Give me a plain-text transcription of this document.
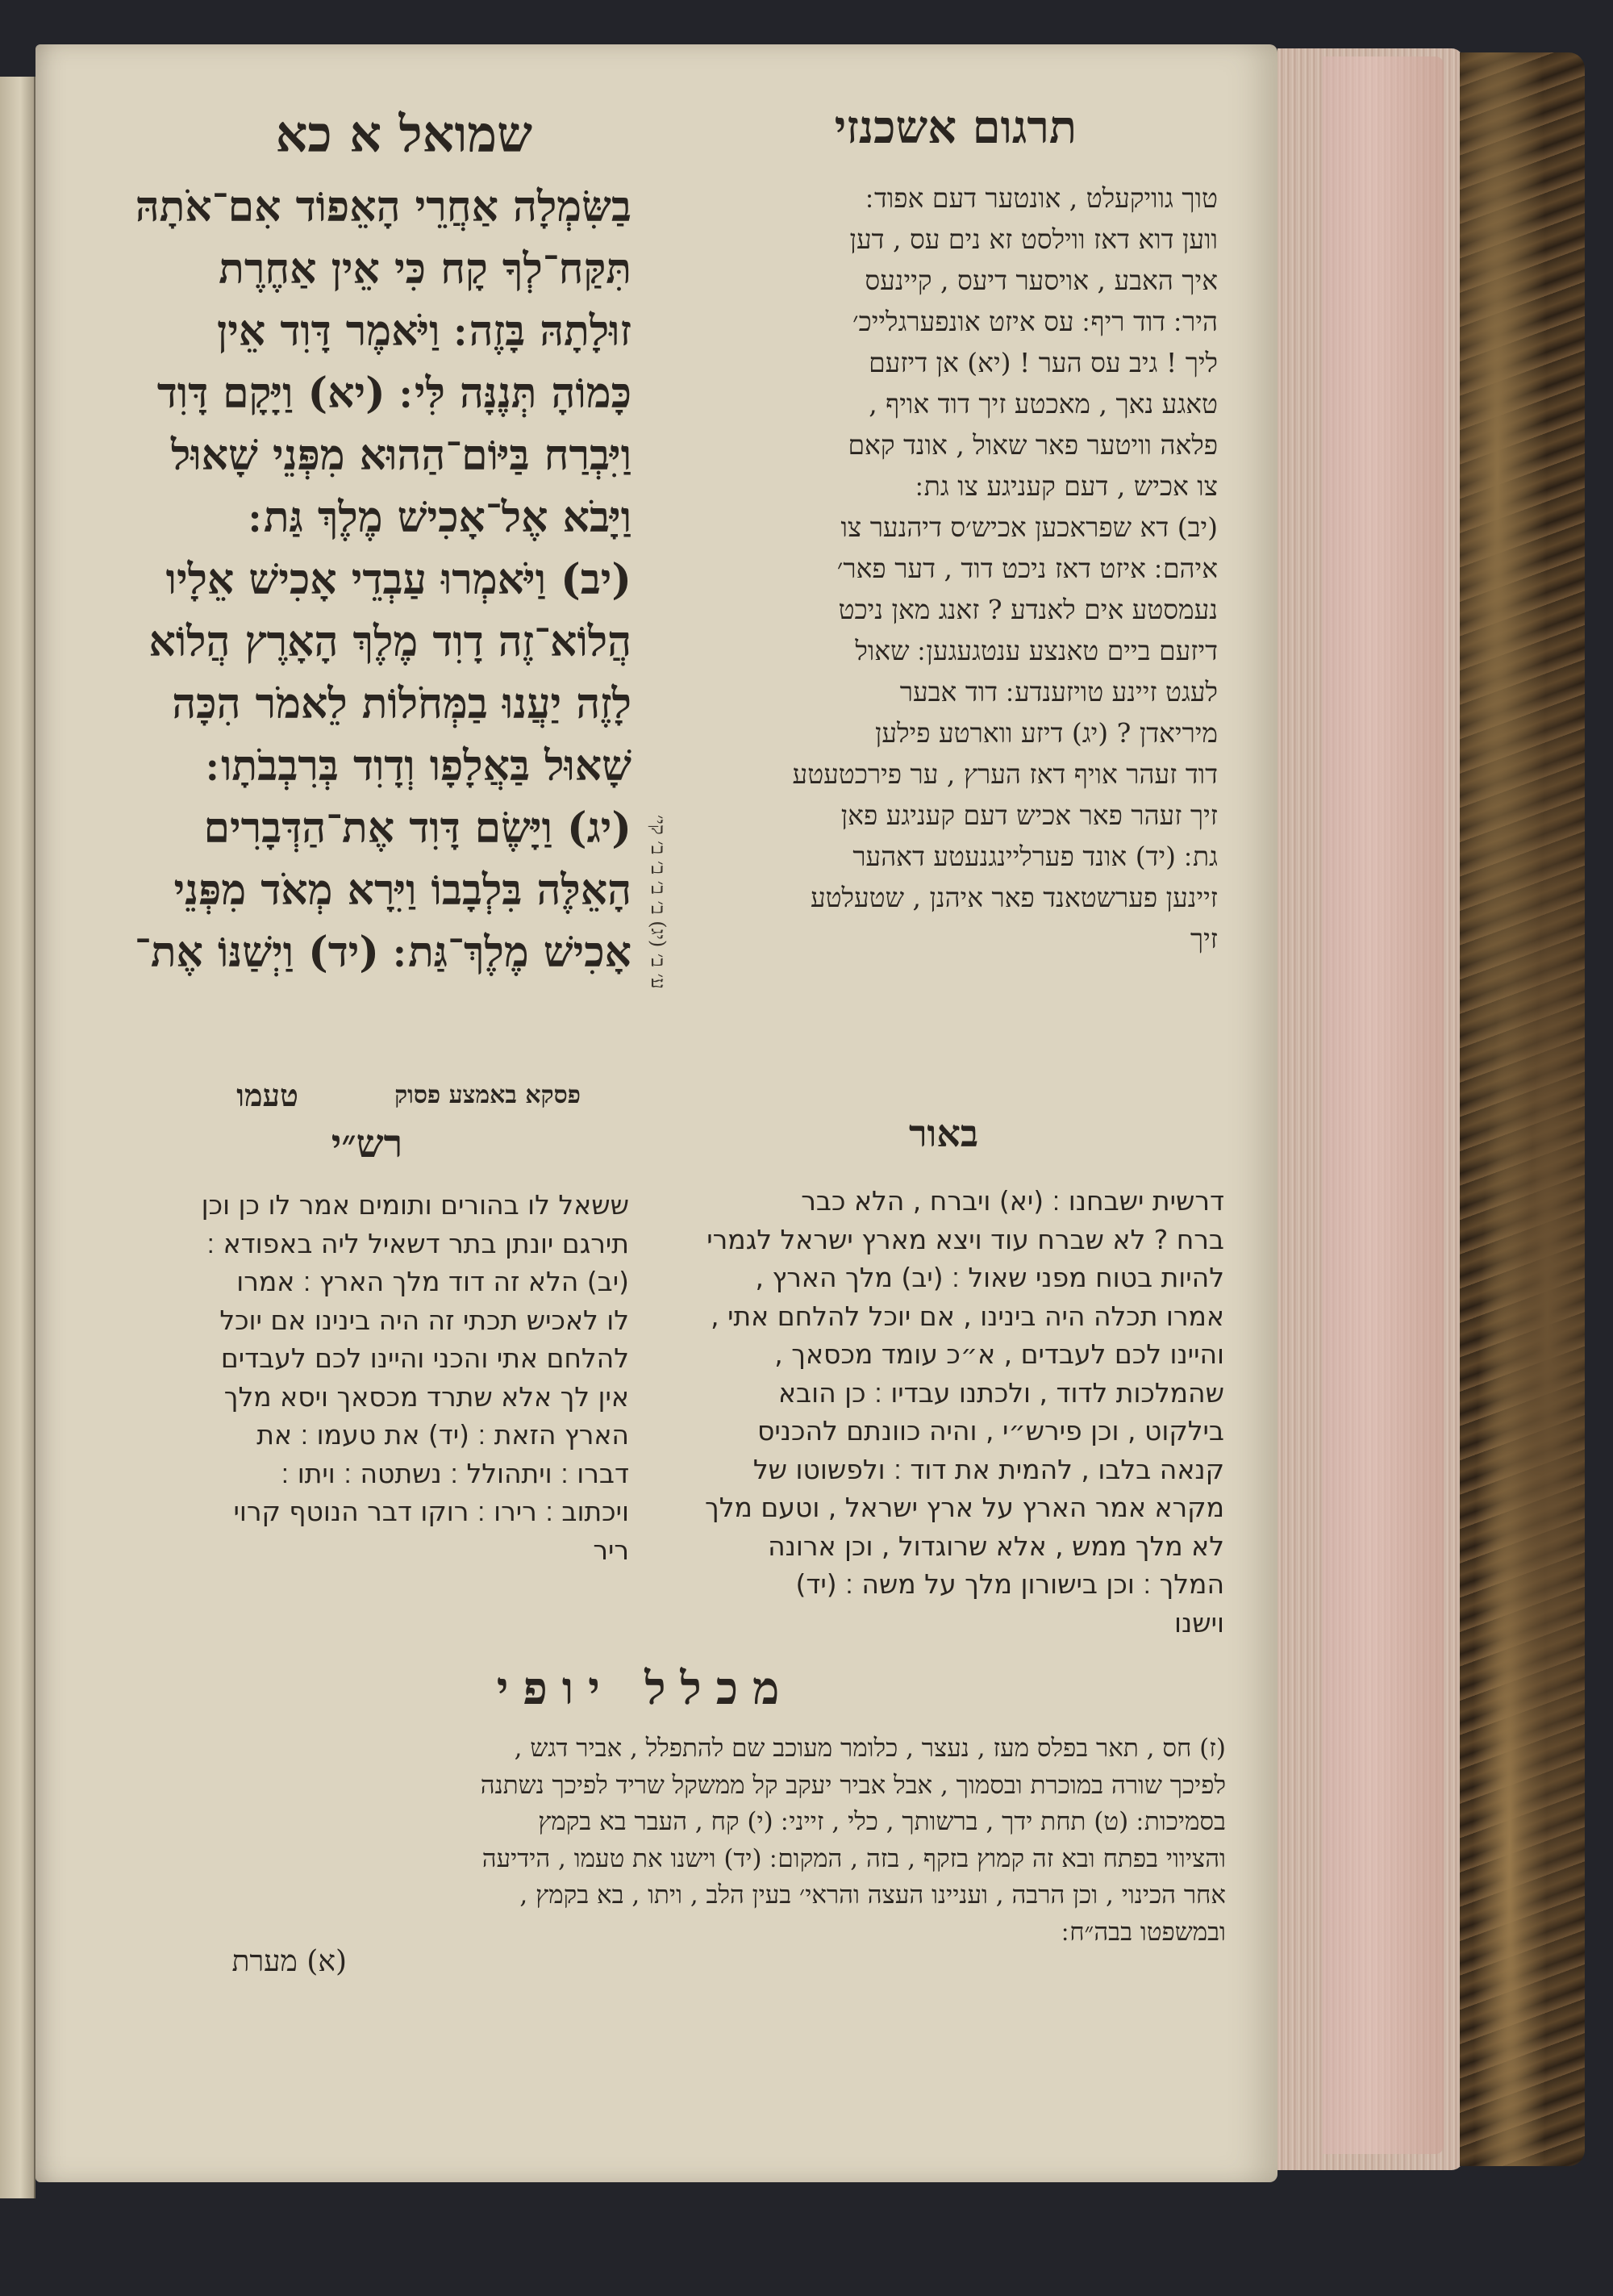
תרגום אשכנזי
שמואל א כא
בַשִּׂמְלָה אַחֲרֵי הָאֵפוֹד אִם־אֹתָהּ
תִּקַּח־לְךָ קָח כִּי אֵין אַחֶרֶת
זוּלָתָהּ בָּזֶה ׃ וַיֹּאמֶר דָּוִד אֵין
כָּמוֹהָ תְּנֶנָּה לִּי ׃ (יא) וַיָּקָם דָּוִד
וַיִּבְרַח בַּיּוֹם־הַהוּא מִפְּנֵי שָׁאוּל
וַיָּבֹא אֶל־אָכִישׁ מֶלֶךְ גַּת ׃
(יב) וַיֹּאמְרוּ עַבְדֵי אָכִישׁ אֵלָיו
הֲלוֹא־זֶה דָוִד מֶלֶךְ הָאָרֶץ הֲלוֹא
לָזֶה יַעֲנוּ בַמְּחֹלוֹת לֵאמֹר הִכָּה
שָׁאוּל בַּאֲלָפָו וְדָוִד בְּרִבְבֹתָו ׃
(יג) וַיָּשֶׂם דָּוִד אֶת־הַדְּבָרִים
הָאֵלֶּה בִּלְבָבוֹ וַיִּרָא מְאֹד מִפְּנֵי
אָכִישׁ מֶלֶךְ־גַּת ׃ (יד) וַיְשַׁנּוֹ אֶת־
פסקא באמצע פסוק
טעמו
ע׳ ב׳ (יג) ב׳ ב׳ ב׳ ב׳ קי׳
טוך גוויקעלט , אונטער דעם אפוד ׃
ווען דוא דאז ווילסט זא נים עס , דען
איך האבע , אויסער דיעס , קיינעס
היר ׃ דוד ריף ׃ עס איזט אונפערגלייכ׳
ליך ! גיב עס הער ! (יא) אן דיזעם
טאגע נאך , מאכטע זיך דוד אויף ,
פלאה וויטער פאר שאול , אונד קאם
צו אכיש , דעם קעניגע צו גת ׃
(יב) דא שפראכען אכיש׳ס דיהנער צו
איהם ׃ איזט דאז ניכט דוד , דער פאר׳
נעמסטע אים לאנדע ? זאנג מאן ניכט
דיזעם ביים טאנצע ענטגעגען ׃ שאול
לעגט זיינע טויזענדע ׃ דוד אבער
מיריאדן ? (יג) דיזע ווארטע פילען
דוד זעהר אויף דאז הערץ , ער פירכטעטע
זיך זעהר פאר אכיש דעם קעניגע פאן
גת ׃ (יד) אונד פערליינגנעטע דאהער
זיינען פערשטאנד פאר איהנן , שטעלטע
זיך
באור
רש״י
ששאל לו בהורים ותומים אמר לו כן וכן
תירגם יונתן בתר דשאיל ליה באפודא ׃
(יב) הלא זה דוד מלך הארץ ׃ אמרו
לו לאכיש תכתי זה היה בינינו אם יוכל
להלחם אתי והכני והיינו לכם לעבדים
אין לך אלא שתרד מכסאך ויסא מלך
הארץ הזאת ׃ (יד) את טעמו ׃ את
דברו ׃ ויתהולל ׃ נשתטה ׃ ויתו ׃
ויכתוב ׃ רירו ׃ רוקו דבר הנוטף קרוי
ריר
דרשית ישבחנו ׃ (יא) ויברח , הלא כבר
ברח ? לא שברח עוד ויצא מארץ ישראל לגמרי
להיות בטוח מפני שאול ׃ (יב) מלך הארץ ,
אמרו תכלה היה בינינו , אם יוכל להלחם אתי ,
והיינו לכם לעבדים , א״כ עומד מכסאך ,
שהמלכות לדוד , ולכתנו עבדיו ׃ כן הובא
בילקוט , וכן פירש״י , והיה כוונתם להכניס
קנאה בלבו , להמית את דוד ׃ ולפשוטו של
מקרא אמר הארץ על ארץ ישראל , וטעם מלך
לא מלך ממש , אלא שרוגדול , וכן ארונה
המלך ׃ וכן בישורון מלך על משה ׃ (יד)
וישנו
מכלל יופי
(ז) חס , תאר בפלס מעז , נעצר , כלומר מעוכב שם להתפלל , אביר דגש ,
לפיכך שורה במוכרת ובסמוך , אבל אביר יעקב קל ממשקל שריד לפיכך נשתנה
בסמיכות ׃ (ט) תחת ידך , ברשותך , כלי , זייני ׃ (י) קח , העבר בא בקמץ
והציווי בפתח ובא זה קמוץ בזקף , בזה , המקום ׃ (יד) וישנו את טעמו , הידיעה
אחר הכינוי , וכן הרבה , ועניינו העצה והראי׳ בעין הלב , ויתו , בא בקמץ ,
ובמשפטו בבה״ח ׃
(א) מערת
